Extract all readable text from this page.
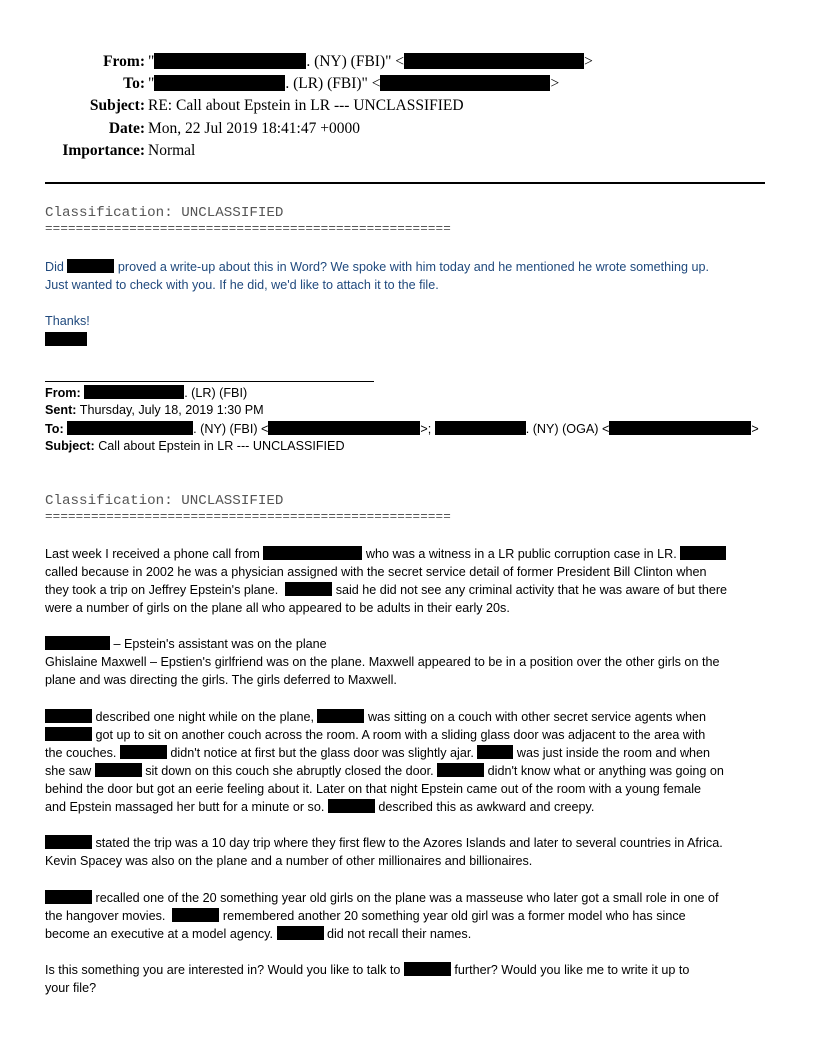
From: "	. (NY) (FBI)" <	>
To: "	. (LR) (FBI)" <	>
Subject: RE: Call about Epstein in LR --- UNCLASSIFIED
Date: Mon, 22 Jul 2019 18:41:47 +0000
Importance: Normal
Classification: UNCLASSIFIED
=====================================================
Did	proved a write-up about this in Word? We spoke with him today and he mentioned he wrote something up.
Just wanted to check with you. If he did, we'd like to attach it to the file.
Thanks!
From:	. (LR) (FBI)
Sent: Thursday, July 18, 2019 1:30 PM
To:	. (NY) (FBI) <	>;	. (NY) (OGA) <	>
Subject: Call about Epstein in LR --- UNCLASSIFIED
Classification: UNCLASSIFIED
=====================================================
Last week I received a phone call from	who was a witness in a LR public corruption case in LR.
called because in 2002 he was a physician assigned with the secret service detail of former President Bill Clinton when
they took a trip on Jeffrey Epstein's plane.	said he did not see any criminal activity that he was aware of but there
were a number of girls on the plane all who appeared to be adults in their early 20s.
– Epstein's assistant was on the plane
Ghislaine Maxwell – Epstien's girlfriend was on the plane. Maxwell appeared to be in a position over the other girls on the
plane and was directing the girls. The girls deferred to Maxwell.
described one night while on the plane,	was sitting on a couch with other secret service agents when
got up to sit on another couch across the room. A room with a sliding glass door was adjacent to the area with
the couches.	didn't notice at first but the glass door was slightly ajar.	was just inside the room and when
she saw	sit down on this couch she abruptly closed the door.	didn't know what or anything was going on
behind the door but got an eerie feeling about it. Later on that night Epstein came out of the room with a young female
and Epstein massaged her butt for a minute or so.	described this as awkward and creepy.
stated the trip was a 10 day trip where they first flew to the Azores Islands and later to several countries in Africa.
Kevin Spacey was also on the plane and a number of other millionaires and billionaires.
recalled one of the 20 something year old girls on the plane was a masseuse who later got a small role in one of
the hangover movies.	remembered another 20 something year old girl was a former model who has since
become an executive at a model agency.	did not recall their names.
Is this something you are interested in? Would you like to talk to	further? Would you like me to write it up to
your file?
